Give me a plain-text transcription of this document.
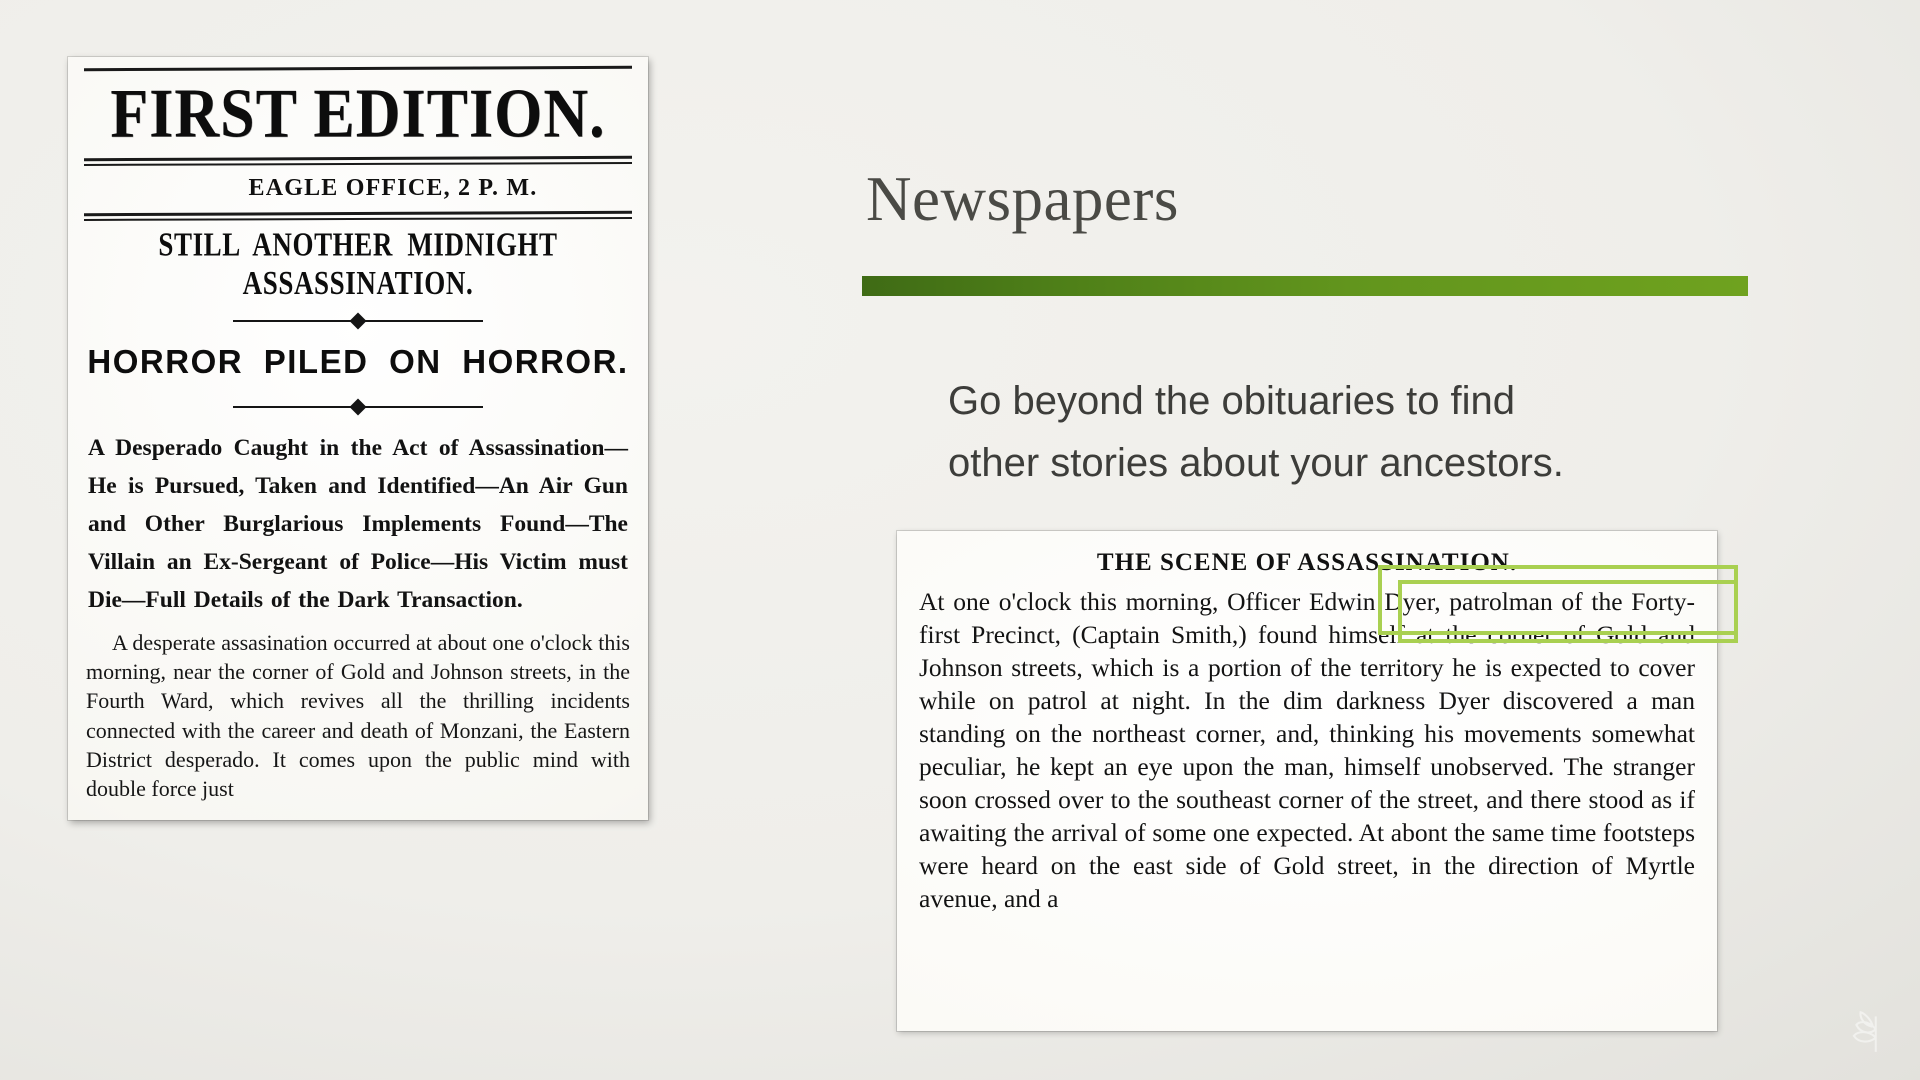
FIRST EDITION.
EAGLE OFFICE, 2 P. M.
STILL ANOTHER MIDNIGHT ASSASSINATION.
HORROR PILED ON HORROR.
A Desperado Caught in the Act of Assassination—He is Pursued, Taken and Identified—An Air Gun and Other Burglarious Implements Found—The Villain an Ex-Sergeant of Police—His Victim must Die—Full Details of the Dark Transaction.
A desperate assasination occurred at about one o'clock this morning, near the corner of Gold and Johnson streets, in the Fourth Ward, which revives all the thrilling incidents connected with the career and death of Monzani, the Eastern District desperado. It comes upon the public mind with double force just
Newspapers
Go beyond the obituaries to find
other stories about your ancestors.
THE SCENE OF ASSASSINATION.
At one o'clock this morning, Officer Edwin Dyer, patrolman of the Forty-first Precinct, (Captain Smith,) found himself at the corner of Gold and Johnson streets, which is a portion of the territory he is expected to cover while on patrol at night. In the dim darkness Dyer discovered a man standing on the northeast corner, and, thinking his movements somewhat peculiar, he kept an eye upon the man, himself unobserved. The stranger soon crossed over to the southeast corner of the street, and there stood as if awaiting the arrival of some one expected. At abont the same time footsteps were heard on the east side of Gold street, in the direction of Myrtle avenue, and a
